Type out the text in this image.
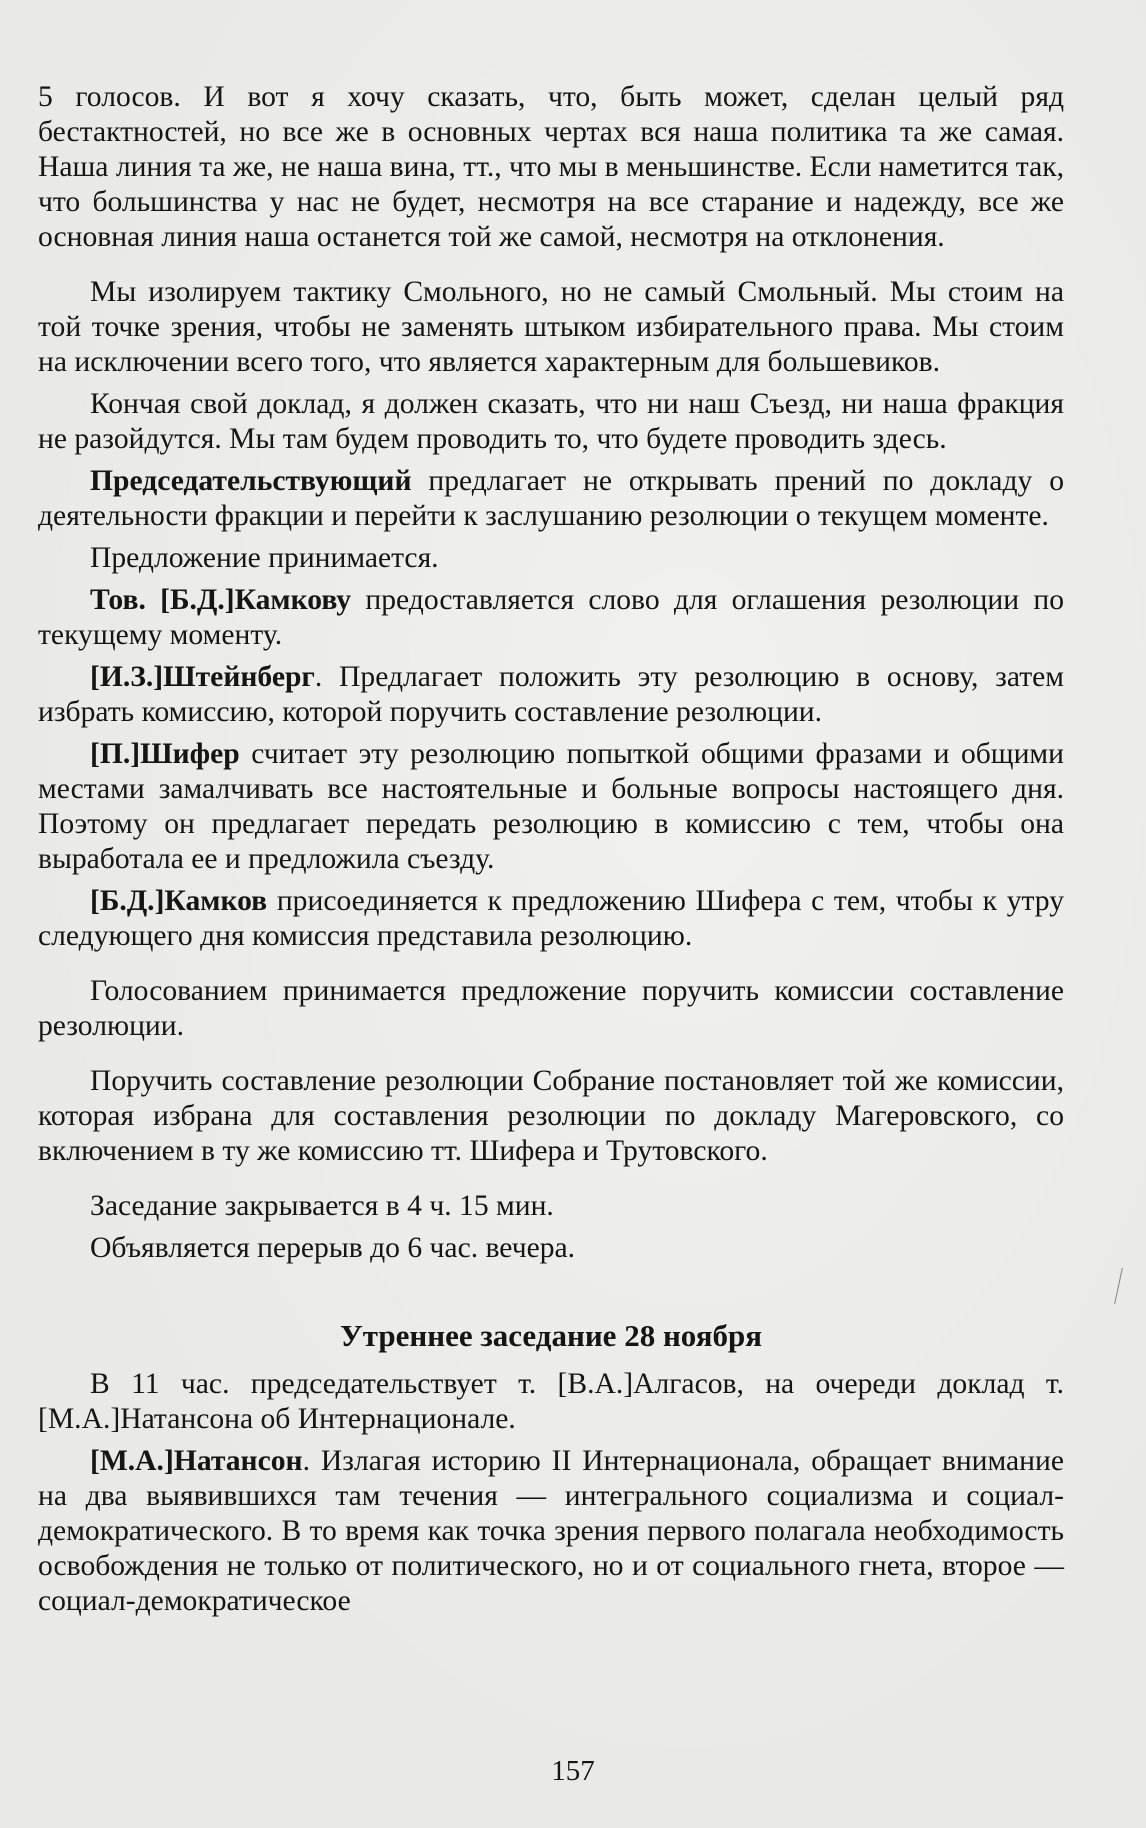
5 голосов. И вот я хочу сказать, что, быть может, сделан целый ряд бестактностей, но все же в основных чертах вся наша политика та же самая. Наша линия та же, не наша вина, тт., что мы в меньшинстве. Если наметится так, что большинства у нас не будет, несмотря на все старание и надежду, все же основная линия наша останется той же самой, несмотря на отклонения.

Мы изолируем тактику Смольного, но не самый Смольный. Мы стоим на той точке зрения, чтобы не заменять штыком избирательного права. Мы стоим на исключении всего того, что является характерным для большевиков.

Кончая свой доклад, я должен сказать, что ни наш Съезд, ни наша фракция не разойдутся. Мы там будем проводить то, что будете проводить здесь.

Председательствующий предлагает не открывать прений по докладу о деятельности фракции и перейти к заслушанию резолюции о текущем моменте.

Предложение принимается.

Тов. [Б.Д.]Камкову предоставляется слово для оглашения резолюции по текущему моменту.

[И.З.]Штейнберг. Предлагает положить эту резолюцию в основу, затем избрать комиссию, которой поручить составление резолюции.

[П.]Шифер считает эту резолюцию попыткой общими фразами и общими местами замалчивать все настоятельные и больные вопросы настоящего дня. Поэтому он предлагает передать резолюцию в комиссию с тем, чтобы она выработала ее и предложила съезду.

[Б.Д.]Камков присоединяется к предложению Шифера с тем, чтобы к утру следующего дня комиссия представила резолюцию.

Голосованием принимается предложение поручить комиссии составление резолюции.

Поручить составление резолюции Собрание постановляет той же комиссии, которая избрана для составления резолюции по докладу Магеровского, со включением в ту же комиссию тт. Шифера и Трутовского.

Заседание закрывается в 4 ч. 15 мин.

Объявляется перерыв до 6 час. вечера.

Утреннее заседание 28 ноября

В 11 час. председательствует т. [В.А.]Алгасов, на очереди доклад т. [М.А.]Натансона об Интернационале.

[М.А.]Натансон. Излагая историю II Интернационала, обращает внимание на два выявившихся там течения — интегрального социализма и социал-демократического. В то время как точка зрения первого полагала необходимость освобождения не только от политического, но и от социального гнета, второе — социал-демократическое

157
